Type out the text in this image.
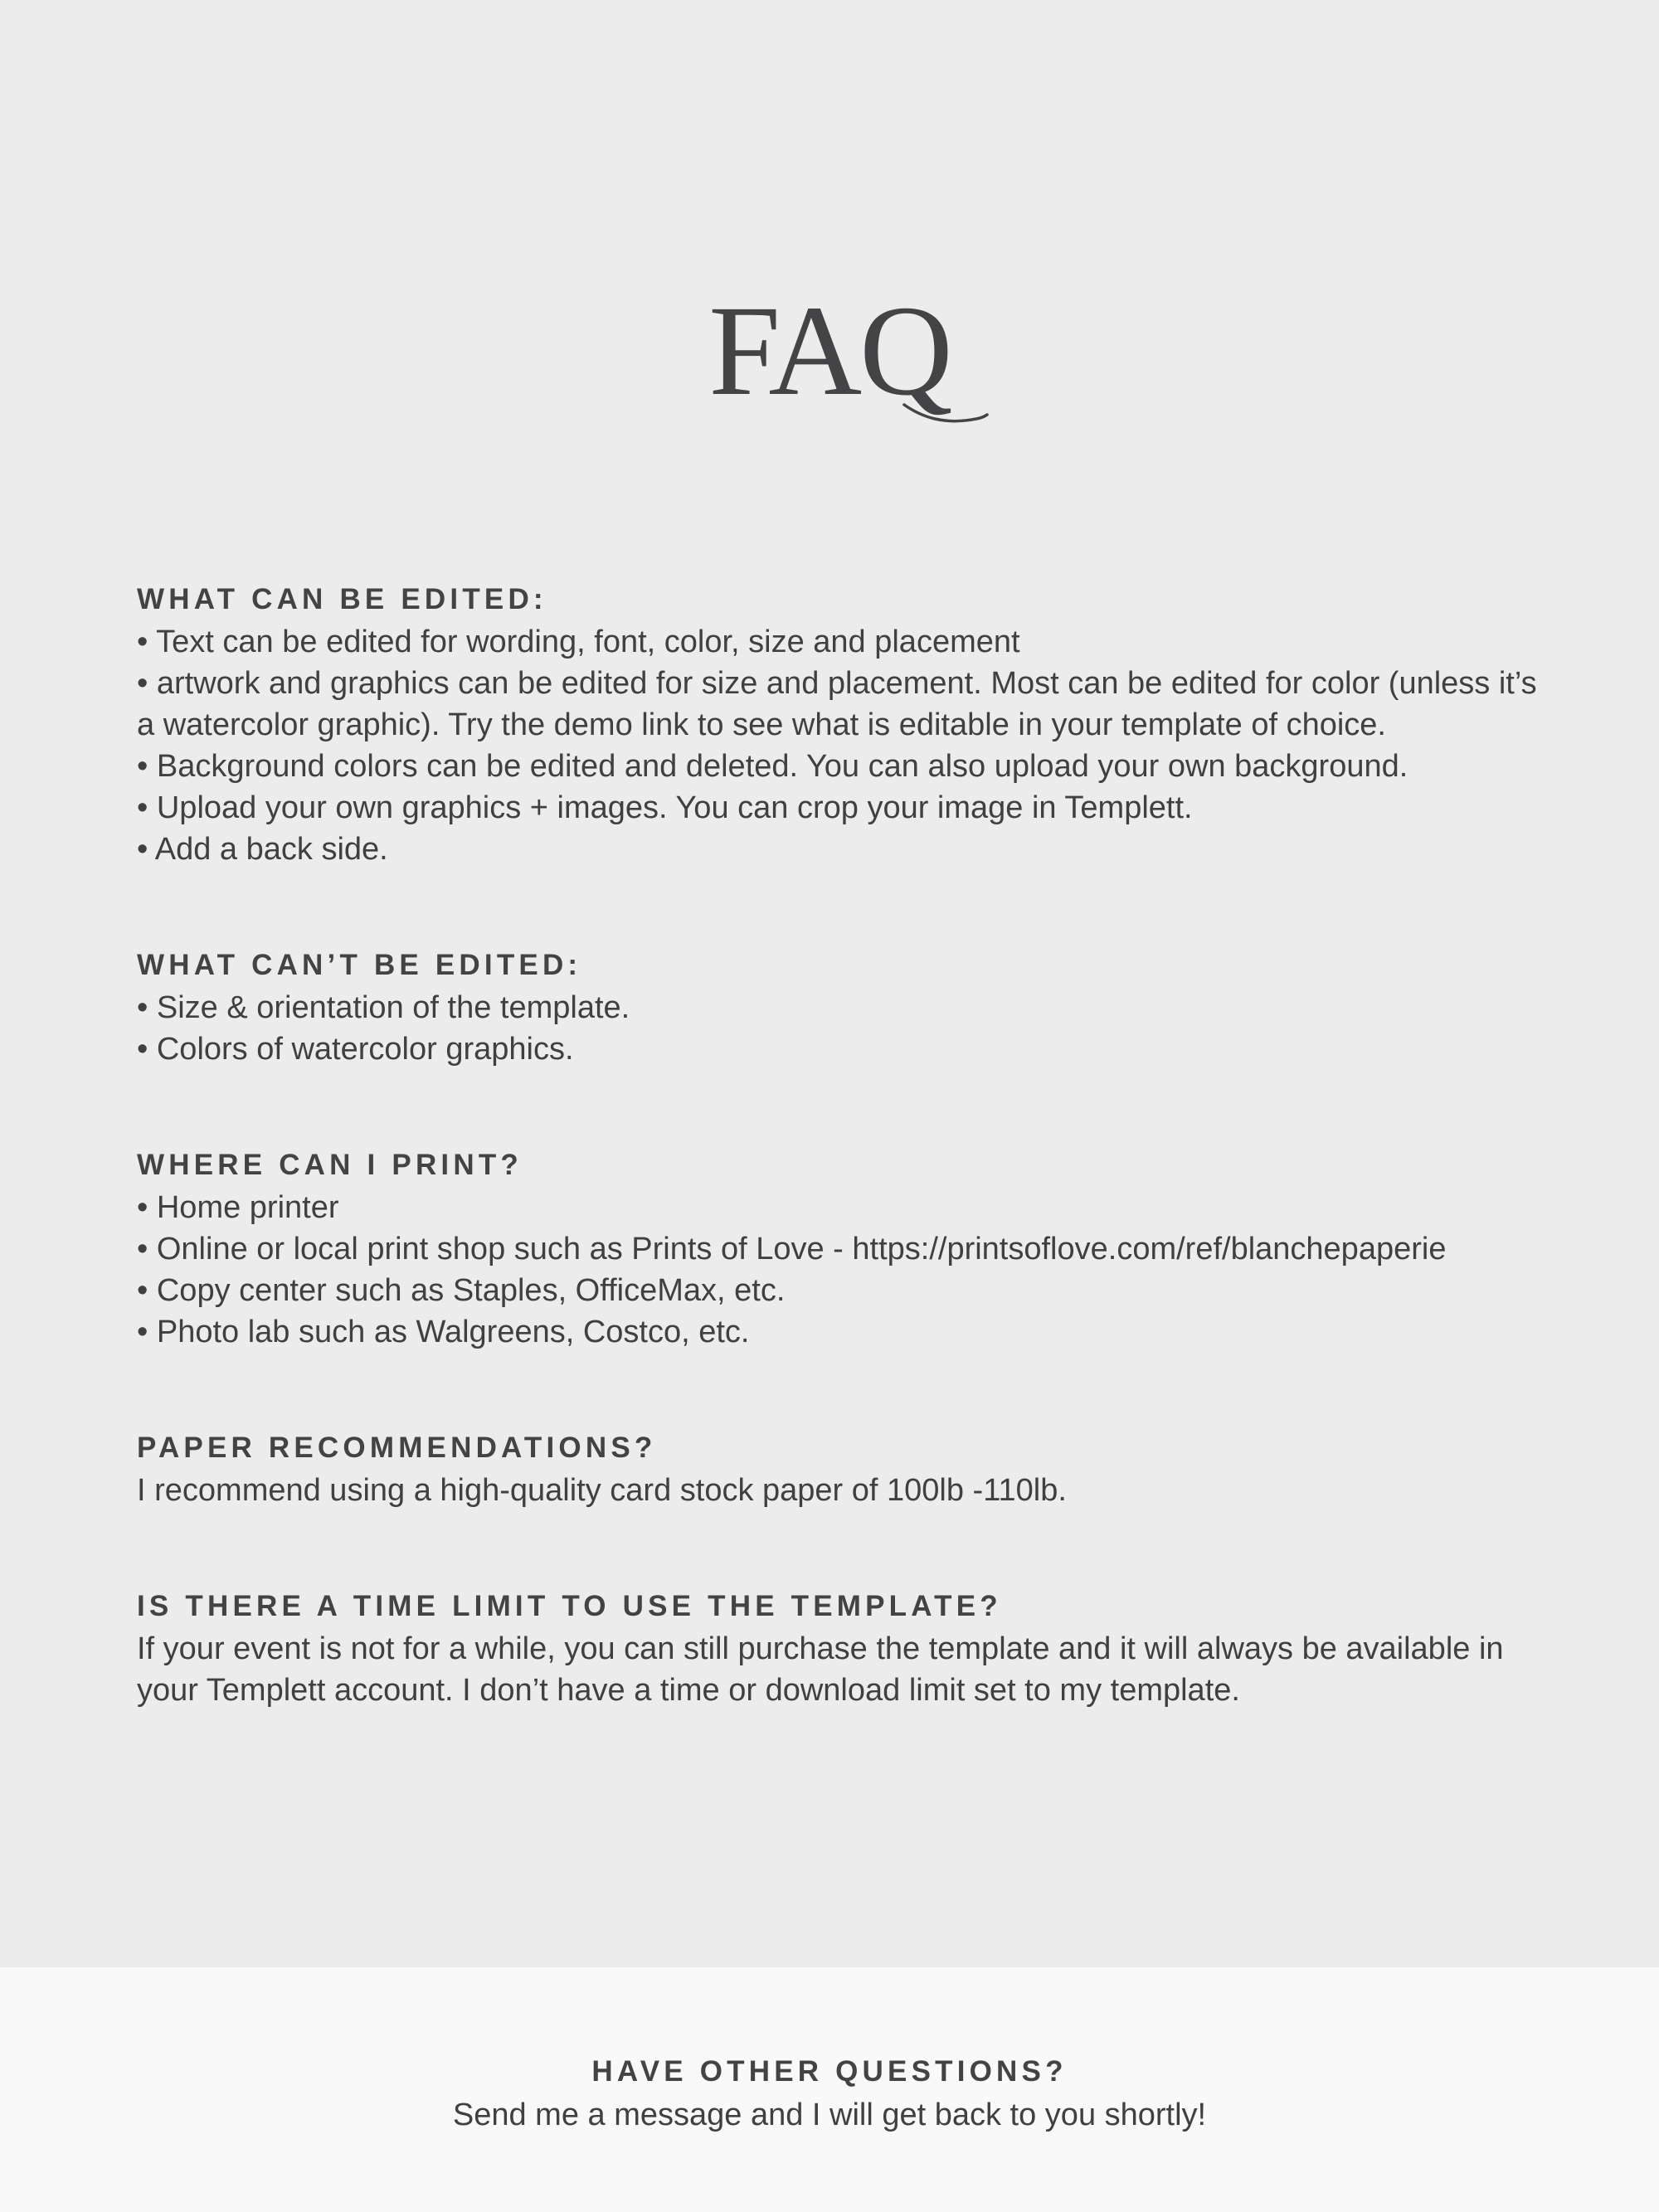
FAQ
WHAT CAN BE EDITED:

• Text can be edited for wording, font, color, size and placement

• artwork and graphics can be edited for size and placement. Most can be edited for color (unless it’s a watercolor graphic). Try the demo link to see what is editable in your template of choice.

• Background colors can be edited and deleted. You can also upload your own background.

• Upload your own graphics + images. You can crop your image in Templett.

• Add a back side.

WHAT CAN’T BE EDITED:

• Size & orientation of the template.

• Colors of watercolor graphics.

WHERE CAN I PRINT?

• Home printer

• Online or local print shop such as Prints of Love - https://printsoflove.com/ref/blanchepaperie

• Copy center such as Staples, OfficeMax, etc.

• Photo lab such as Walgreens, Costco, etc.

PAPER RECOMMENDATIONS?

I recommend using a high-quality card stock paper of 100lb -110lb.

IS THERE A TIME LIMIT TO USE THE TEMPLATE?

If your event is not for a while, you can still purchase the template and it will always be available in your Templett account. I don’t have a time or download limit set to my template.

HAVE OTHER QUESTIONS?
Send me a message and I will get back to you shortly!
